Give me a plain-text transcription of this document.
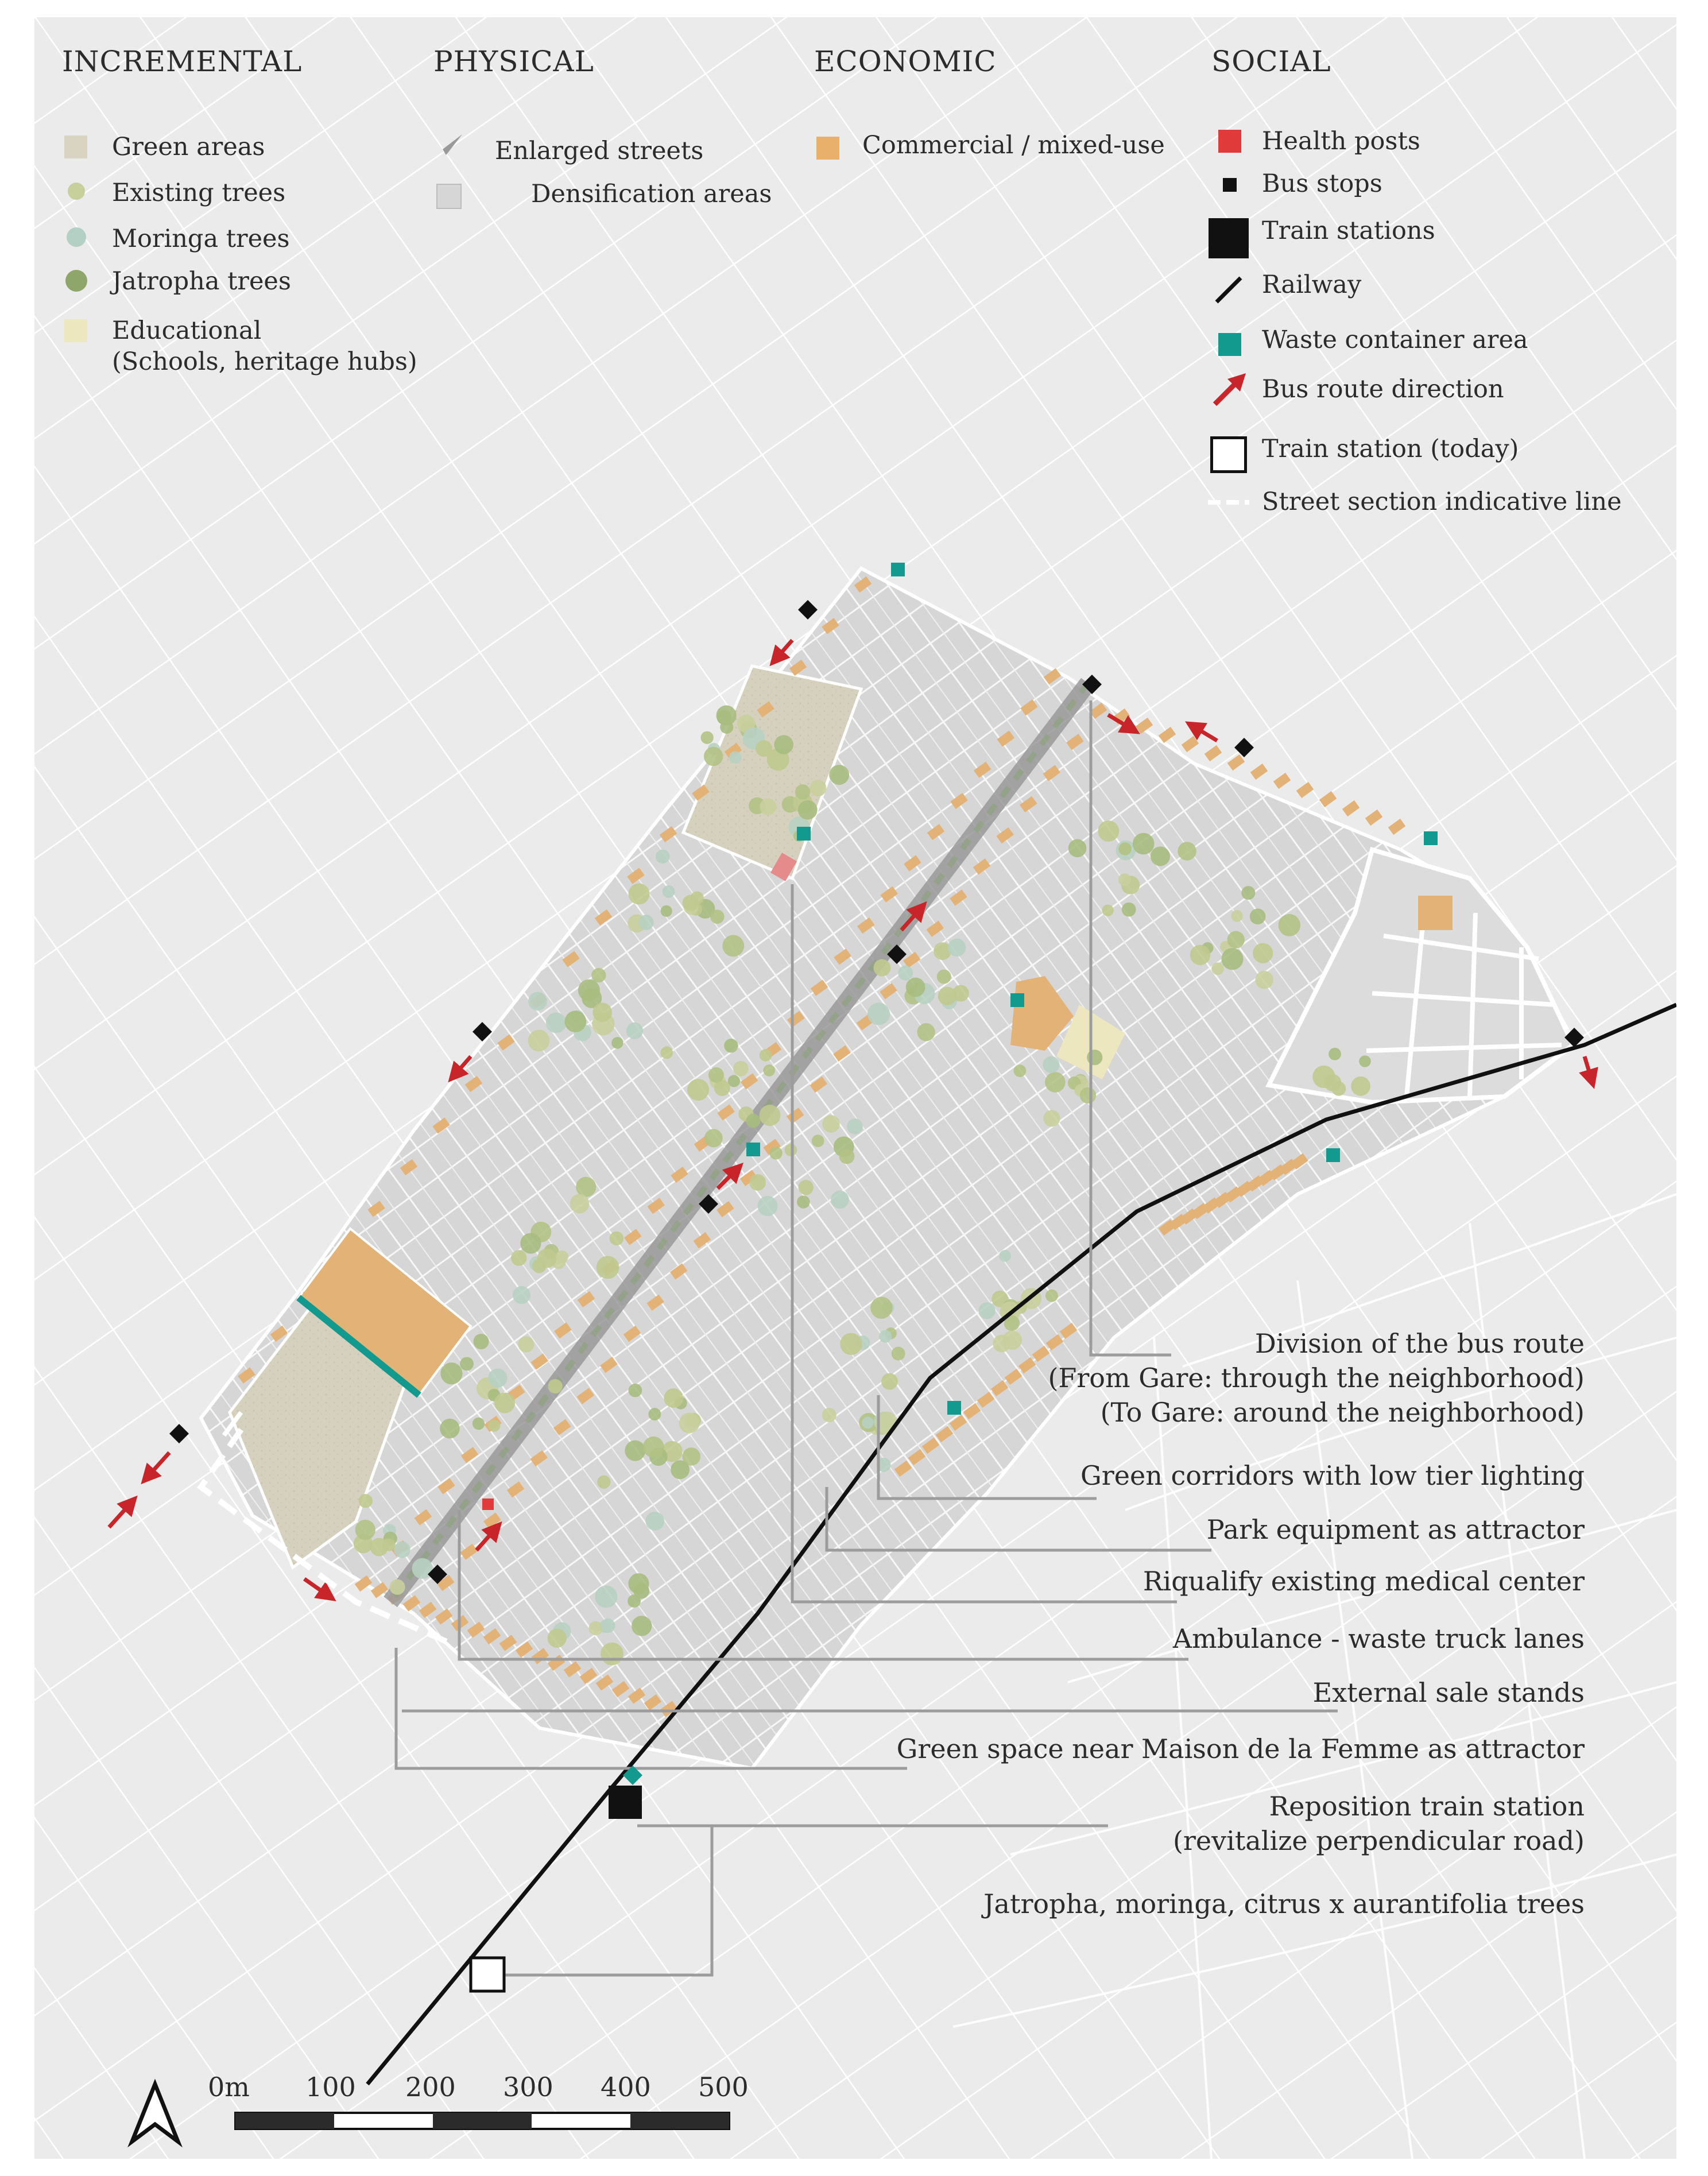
INCREMENTAL
Green areas
Existing trees
Moringa trees
Jatropha trees
Educational
(Schools, heritage hubs)
PHYSICAL
Enlarged streets
Densification areas
ECONOMIC
Commercial / mixed-use
SOCIAL
Health posts
Bus stops
Train stations
Railway
Waste container area
Bus route direction
Train station (today)
Street section indicative line
Division of the bus route
(From Gare: through the neighborhood)
(To Gare: around the neighborhood)
Green corridors with low tier lighting
Park equipment as attractor
Riqualify existing medical center
Ambulance - waste truck lanes
External sale stands
Green space near Maison de la Femme as attractor
Reposition train station
(revitalize perpendicular road)
Jatropha, moringa, citrus x aurantifolia trees
0m 100 200 300 400 500
